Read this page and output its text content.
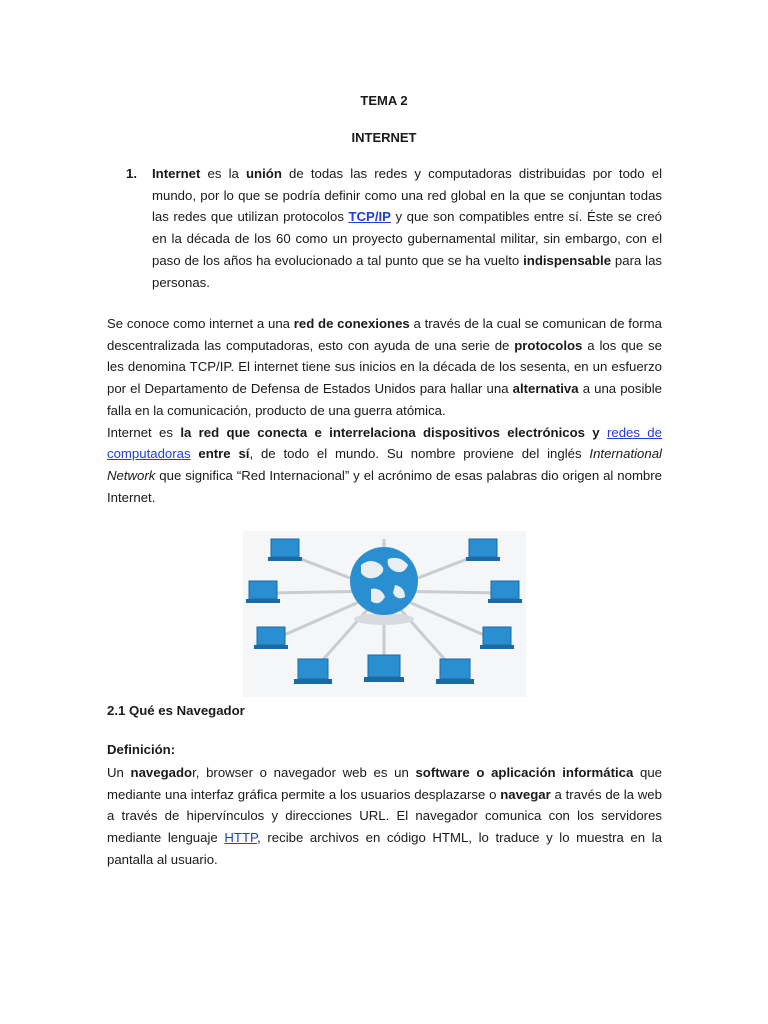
TEMA 2
INTERNET
1. Internet es la unión de todas las redes y computadoras distribuidas por todo el mundo, por lo que se podría definir como una red global en la que se conjuntan todas las redes que utilizan protocolos TCP/IP y que son compatibles entre sí. Éste se creó en la década de los 60 como un proyecto gubernamental militar, sin embargo, con el paso de los años ha evolucionado a tal punto que se ha vuelto indispensable para las personas.
Se conoce como internet a una red de conexiones a través de la cual se comunican de forma descentralizada las computadoras, esto con ayuda de una serie de protocolos a los que se les denomina TCP/IP. El internet tiene sus inicios en la década de los sesenta, en un esfuerzo por el Departamento de Defensa de Estados Unidos para hallar una alternativa a una posible falla en la comunicación, producto de una guerra atómica.
Internet es la red que conecta e interrelaciona dispositivos electrónicos y redes de computadoras entre sí, de todo el mundo. Su nombre proviene del inglés International Network que significa “Red Internacional” y el acrónimo de esas palabras dio origen al nombre Internet.
2.1 Qué es Navegador
Definición:
Un navegador, browser o navegador web es un software o aplicación informática que mediante una interfaz gráfica permite a los usuarios desplazarse o navegar a través de la web a través de hipervínculos y direcciones URL. El navegador comunica con los servidores mediante lenguaje HTTP, recibe archivos en código HTML, lo traduce y lo muestra en la pantalla al usuario.
